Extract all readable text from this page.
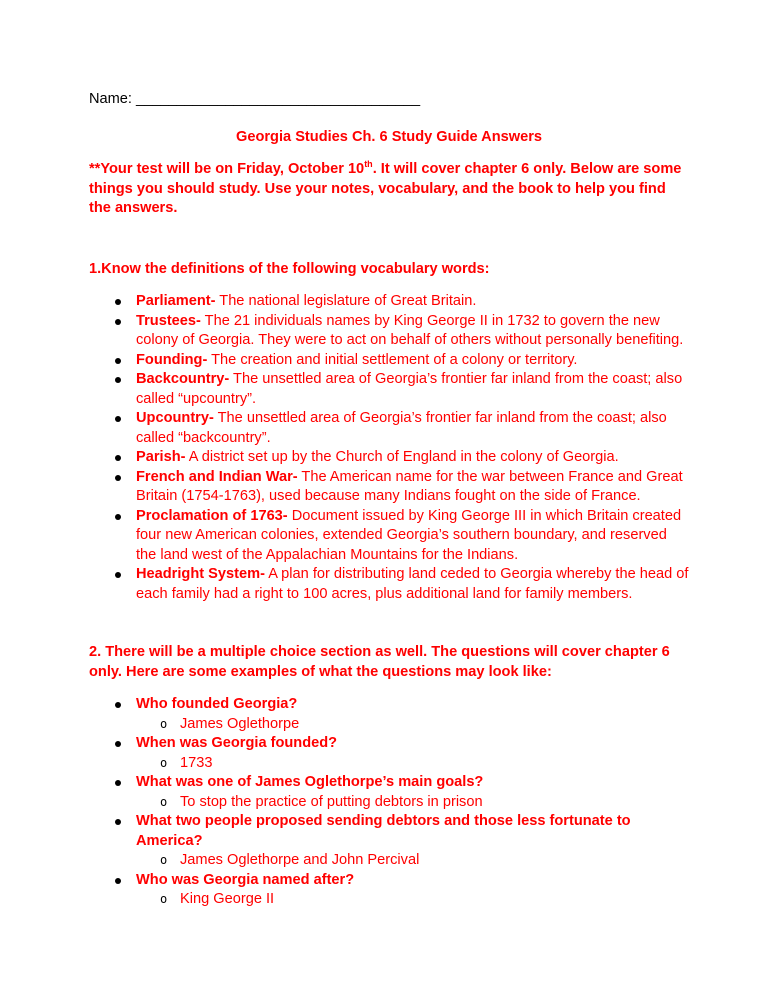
Name: ___________________________________

Georgia Studies Ch. 6 Study Guide Answers

**Your test will be on Friday, October 10th. It will cover chapter 6 only. Below are some things you should study. Use your notes, vocabulary, and the book to help you find the answers.

1.Know the definitions of the following vocabulary words:

Parliament- The national legislature of Great Britain.
Trustees- The 21 individuals names by King George II in 1732 to govern the new colony of Georgia. They were to act on behalf of others without personally benefiting.
Founding- The creation and initial settlement of a colony or territory.
Backcountry- The unsettled area of Georgia’s frontier far inland from the coast; also called “upcountry”.
Upcountry- The unsettled area of Georgia’s frontier far inland from the coast; also called “backcountry”.
Parish- A district set up by the Church of England in the colony of Georgia.
French and Indian War- The American name for the war between France and Great Britain (1754-1763), used because many Indians fought on the side of France.
Proclamation of 1763- Document issued by King George III in which Britain created four new American colonies, extended Georgia’s southern boundary, and reserved the land west of the Appalachian Mountains for the Indians.
Headright System- A plan for distributing land ceded to Georgia whereby the head of each family had a right to 100 acres, plus additional land for family members.

2. There will be a multiple choice section as well. The questions will cover chapter 6 only. Here are some examples of what the questions may look like:

Who founded Georgia?
o James Oglethorpe
When was Georgia founded?
o 1733
What was one of James Oglethorpe’s main goals?
o To stop the practice of putting debtors in prison
What two people proposed sending debtors and those less fortunate to America?
o James Oglethorpe and John Percival
Who was Georgia named after?
o King George II
